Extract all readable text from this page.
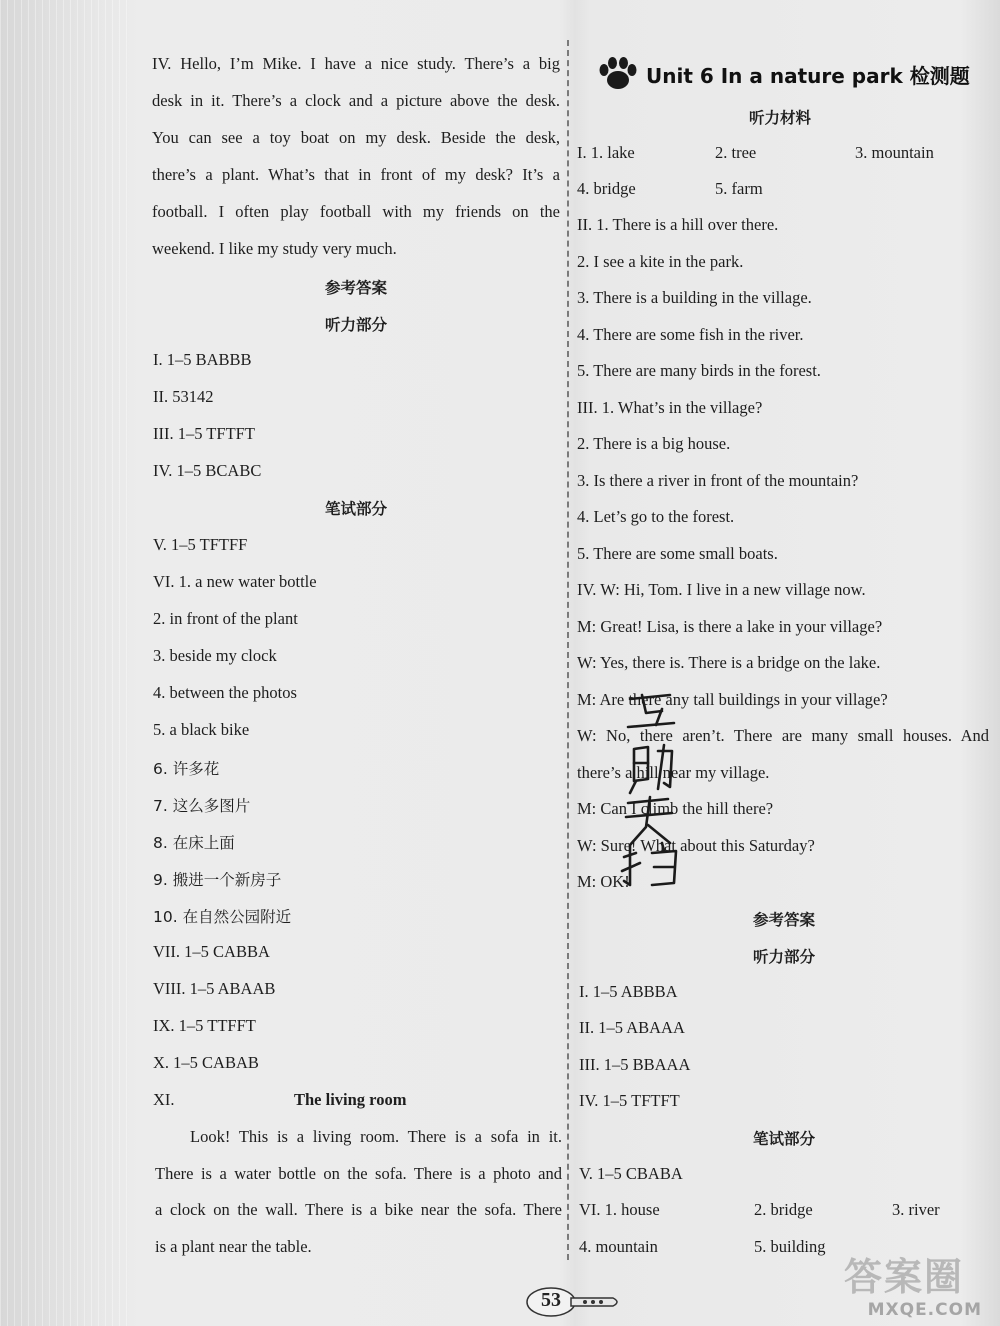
IV. Hello, I’m Mike. I have a nice study. There’s a big
desk in it. There’s a clock and a picture above the desk.
You can see a toy boat on my desk. Beside the desk,
there’s a plant. What’s that in front of my desk? It’s a
football. I often play football with my friends on the
weekend. I like my study very much.
参考答案
听力部分
I. 1–5 BABBB
II. 53142
III. 1–5 TFTFT
IV. 1–5 BCABC
笔试部分
V. 1–5 TFTFF
VI. 1. a new water bottle
2. in front of the plant
3. beside my clock
4. between the photos
5. a black bike
6. 许多花
7. 这么多图片
8. 在床上面
9. 搬进一个新房子
10. 在自然公园附近
VII. 1–5 CABBA
VIII. 1–5 ABAAB
IX. 1–5 TTFFT
X. 1–5 CABAB
XI.	The living room
Look! This is a living room. There is a sofa in it.
There is a water bottle on the sofa. There is a photo and
a clock on the wall. There is a bike near the sofa. There
is a plant near the table.
Unit 6 In a nature park 检测题
听力材料
I. 1. lake	2. tree	3. mountain
4. bridge	5. farm
II. 1. There is a hill over there.
2. I see a kite in the park.
3. There is a building in the village.
4. There are some fish in the river.
5. There are many birds in the forest.
III. 1. What’s in the village?
2. There is a big house.
3. Is there a river in front of the mountain?
4. Let’s go to the forest.
5. There are some small boats.
IV. W: Hi, Tom. I live in a new village now.
M: Great! Lisa, is there a lake in your village?
W: Yes, there is. There is a bridge on the lake.
M: Are there any tall buildings in your village?
W: No, there aren’t. There are many small houses. And
there’s a hill near my village.
M: Can I climb the hill there?
W: Sure! What about this Saturday?
M: OK!
参考答案
听力部分
I. 1–5 ABBBA
II. 1–5 ABAAA
III. 1–5 BBAAA
IV. 1–5 TFTFT
笔试部分
V. 1–5 CBABA
VI. 1. house	2. bridge	3. river
4. mountain	5. building
53
答案圈
MXQE.COM
